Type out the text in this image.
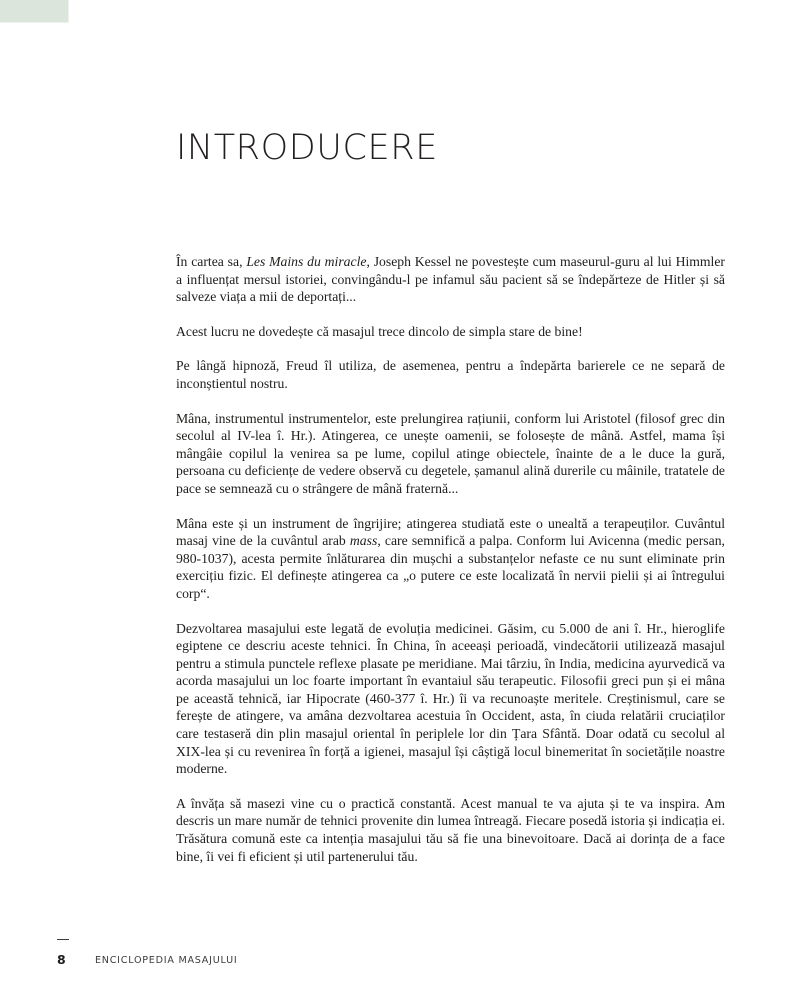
INTRODUCERE

În cartea sa, Les Mains du miracle, Joseph Kessel ne povestește cum maseurul-guru al lui Himmler a influențat mersul istoriei, convingându-l pe infamul său pacient să se îndepărteze de Hitler și să salveze viața a mii de deportați...

Acest lucru ne dovedește că masajul trece dincolo de simpla stare de bine!

Pe lângă hipnoză, Freud îl utiliza, de asemenea, pentru a îndepărta barierele ce ne separă de inconștientul nostru.

Mâna, instrumentul instrumentelor, este prelungirea rațiunii, conform lui Aristotel (filosof grec din secolul al IV-lea î. Hr.). Atingerea, ce unește oamenii, se folosește de mână. Astfel, mama își mângâie copilul la venirea sa pe lume, copilul atinge obiectele, înainte de a le duce la gură, persoana cu deficiențe de vedere observă cu degetele, șamanul alină durerile cu mâinile, tratatele de pace se semnează cu o strângere de mână fraternă...

Mâna este și un instrument de îngrijire; atingerea studiată este o unealtă a terapeuților. Cuvântul masaj vine de la cuvântul arab mass, care semnifică a palpa. Conform lui Avicenna (medic persan, 980-1037), acesta permite înlăturarea din mușchi a substanțelor nefaste ce nu sunt eliminate prin exercițiu fizic. El definește atingerea ca „o putere ce este localizată în nervii pielii și ai întregului corp“.

Dezvoltarea masajului este legată de evoluția medicinei. Găsim, cu 5.000 de ani î. Hr., hieroglife egiptene ce descriu aceste tehnici. În China, în aceeași perioadă, vindecătorii utilizează masajul pentru a stimula punctele reflexe plasate pe meridiane. Mai târziu, în India, medicina ayurvedică va acorda masajului un loc foarte important în evantaiul său terapeutic. Filosofii greci pun și ei mâna pe această tehnică, iar Hipocrate (460-377 î. Hr.) îi va recunoaște meritele. Creștinismul, care se ferește de atingere, va amâna dezvoltarea acestuia în Occident, asta, în ciuda relatării cruciaților care testaseră din plin masajul oriental în periplele lor din Țara Sfântă. Doar odată cu secolul al XIX-lea și cu revenirea în forță a igienei, masajul își câștigă locul binemeritat în societățile noastre moderne.

A învăța să masezi vine cu o practică constantă. Acest manual te va ajuta și te va inspira. Am descris un mare număr de tehnici provenite din lumea întreagă. Fiecare posedă istoria și indicația ei. Trăsătura comună este ca intenția masajului tău să fie una binevoitoare. Dacă ai dorința de a face bine, îi vei fi eficient și util partenerului tău.

8	ENCICLOPEDIA MASAJULUI
